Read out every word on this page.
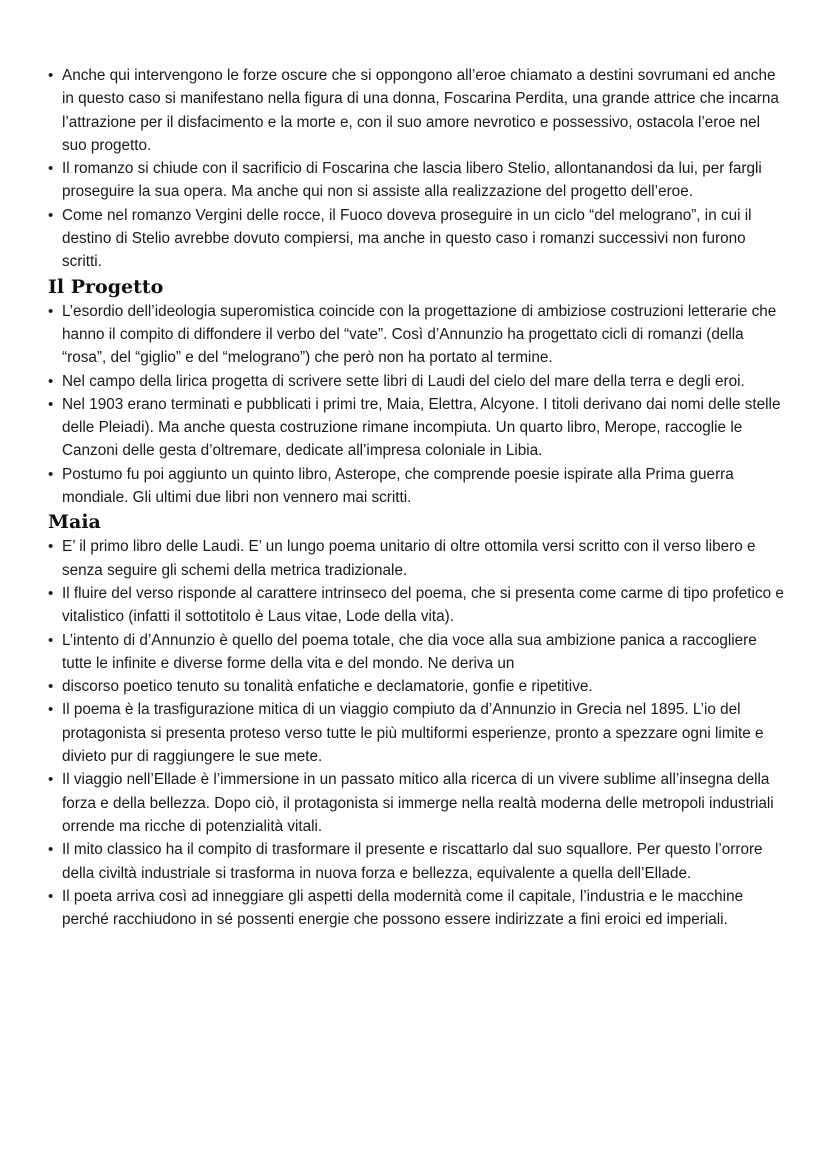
• Anche qui intervengono le forze oscure che si oppongono all’eroe chiamato a destini sovrumani ed anche in questo caso si manifestano nella figura di una donna, Foscarina Perdita, una grande attrice che incarna l’attrazione per il disfacimento e la morte e, con il suo amore nevrotico e possessivo, ostacola l’eroe nel suo progetto.
• Il romanzo si chiude con il sacrificio di Foscarina che lascia libero Stelio, allontanandosi da lui, per fargli proseguire la sua opera. Ma anche qui non si assiste alla realizzazione del progetto dell’eroe.
• Come nel romanzo Vergini delle rocce, il Fuoco doveva proseguire in un ciclo “del melograno”, in cui il destino di Stelio avrebbe dovuto compiersi, ma anche in questo caso i romanzi successivi non furono scritti.
Il Progetto
• L’esordio dell’ideologia superomistica coincide con la progettazione di ambiziose costruzioni letterarie che hanno il compito di diffondere il verbo del “vate”. Così d’Annunzio ha progettato cicli di romanzi (della “rosa”, del “giglio” e del “melograno”) che però non ha portato al termine.
• Nel campo della lirica progetta di scrivere sette libri di Laudi del cielo del mare della terra e degli eroi.
• Nel 1903 erano terminati e pubblicati i primi tre, Maia, Elettra, Alcyone. I titoli derivano dai nomi delle stelle delle Pleiadi). Ma anche questa costruzione rimane incompiuta. Un quarto libro, Merope, raccoglie le Canzoni delle gesta d’oltremare, dedicate all’impresa coloniale in Libia.
• Postumo fu poi aggiunto un quinto libro, Asterope, che comprende poesie ispirate alla Prima guerra mondiale. Gli ultimi due libri non vennero mai scritti.
Maia
• E’ il primo libro delle Laudi. E’ un lungo poema unitario di oltre ottomila versi scritto con il verso libero e senza seguire gli schemi della metrica tradizionale.
• Il fluire del verso risponde al carattere intrinseco del poema, che si presenta come carme di tipo profetico e vitalistico (infatti il sottotitolo è Laus vitae, Lode della vita).
• L’intento di d’Annunzio è quello del poema totale, che dia voce alla sua ambizione panica a raccogliere tutte le infinite e diverse forme della vita e del mondo. Ne deriva un
• discorso poetico tenuto su tonalità enfatiche e declamatorie, gonfie e ripetitive.
• Il poema è la trasfigurazione mitica di un viaggio compiuto da d’Annunzio in Grecia nel 1895. L’io del protagonista si presenta proteso verso tutte le più multiformi esperienze, pronto a spezzare ogni limite e divieto pur di raggiungere le sue mete.
• Il viaggio nell’Ellade è l’immersione in un passato mitico alla ricerca di un vivere sublime all’insegna della forza e della bellezza. Dopo ciò, il protagonista si immerge nella realtà moderna delle metropoli industriali orrende ma ricche di potenzialità vitali.
• Il mito classico ha il compito di trasformare il presente e riscattarlo dal suo squallore. Per questo l’orrore della civiltà industriale si trasforma in nuova forza e bellezza, equivalente a quella dell’Ellade.
• Il poeta arriva così ad inneggiare gli aspetti della modernità come il capitale, l’industria e le macchine perché racchiudono in sé possenti energie che possono essere indirizzate a fini eroici ed imperiali.
